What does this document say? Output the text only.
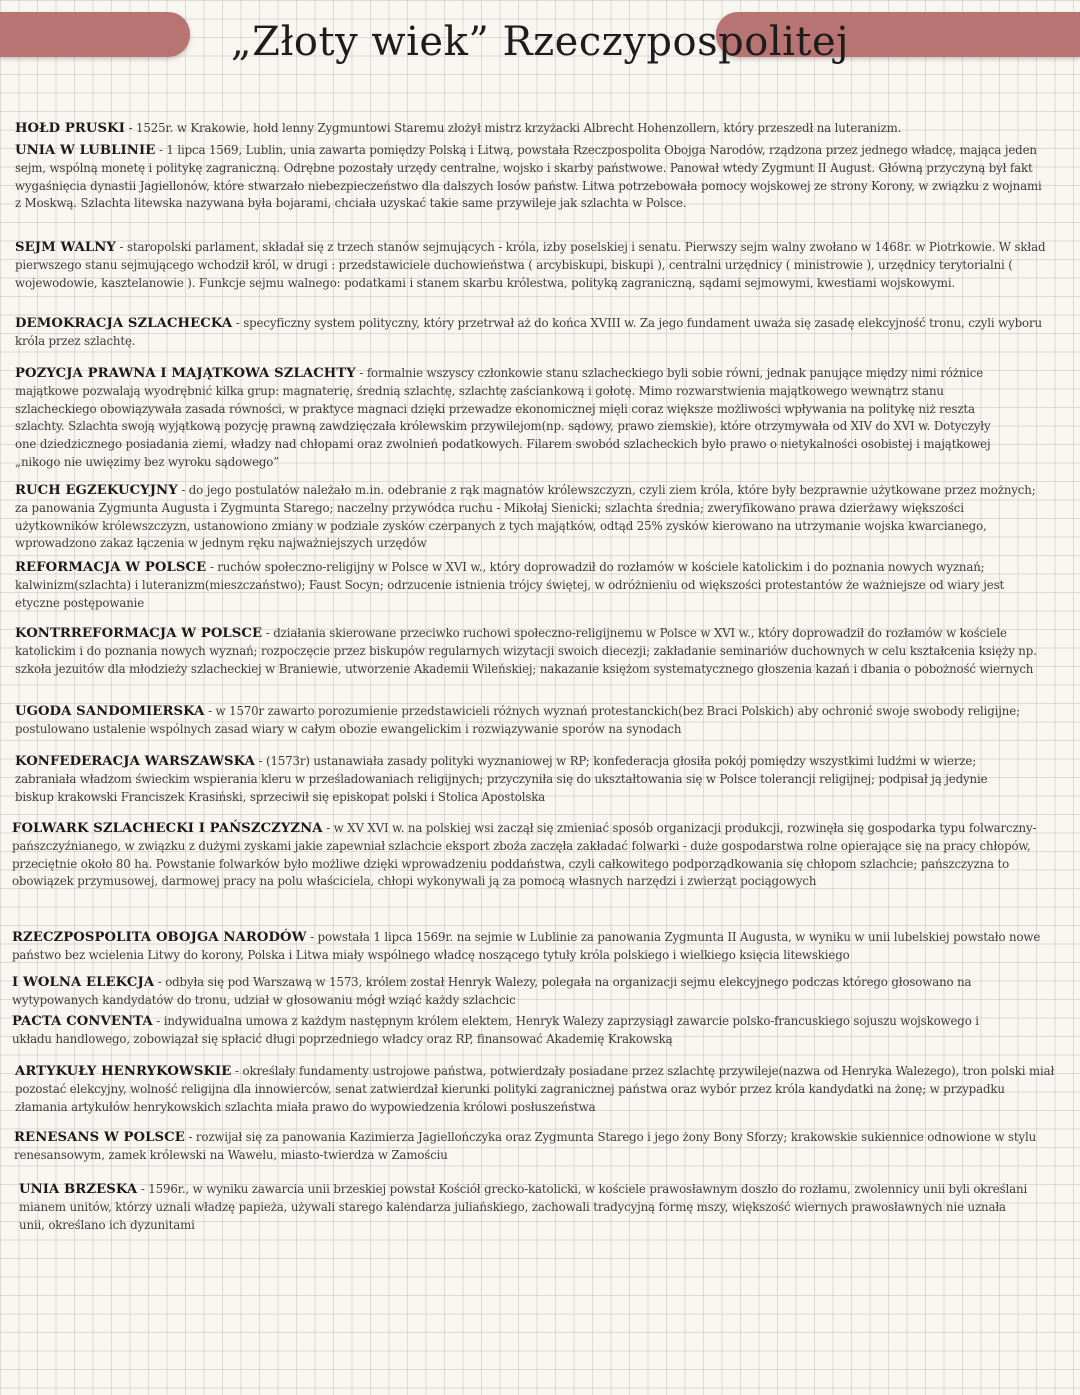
„Złoty wiek” Rzeczypospolitej

HOŁD PRUSKI - 1525r. w Krakowie, hołd lenny Zygmuntowi Staremu złożył mistrz krzyżacki Albrecht Hohenzollern, który przeszedł na luteranizm.

UNIA W LUBLINIE - 1 lipca 1569, Lublin, unia zawarta pomiędzy Polską i Litwą, powstała Rzeczpospolita Obojga Narodów, rządzona przez jednego władcę, mająca jeden sejm, wspólną monetę i politykę zagraniczną. Odrębne pozostały urzędy centralne, wojsko i skarby państwowe. Panował wtedy Zygmunt II August. Główną przyczyną był fakt wygaśnięcia dynastii Jagiellonów, które stwarzało niebezpieczeństwo dla dalszych losów państw. Litwa potrzebowała pomocy wojskowej ze strony Korony, w związku z wojnami z Moskwą. Szlachta litewska nazywana była bojarami, chciała uzyskać takie same przywileje jak szlachta w Polsce.

SEJM WALNY - staropolski parlament, składał się z trzech stanów sejmujących - króla, izby poselskiej i senatu. Pierwszy sejm walny zwołano w 1468r. w Piotrkowie. W skład pierwszego stanu sejmującego wchodził król, w drugi : przedstawiciele duchowieństwa ( arcybiskupi, biskupi ), centralni urzędnicy ( ministrowie ), urzędnicy terytorialni ( wojewodowie, kasztelanowie ). Funkcje sejmu walnego: podatkami i stanem skarbu królestwa, polityką zagraniczną, sądami sejmowymi, kwestiami wojskowymi.

DEMOKRACJA SZLACHECKA - specyficzny system polityczny, który przetrwał aż do końca XVIII w. Za jego fundament uważa się zasadę elekcyjność tronu, czyli wyboru króla przez szlachtę.

POZYCJA PRAWNA I MAJĄTKOWA SZLACHTY - formalnie wszyscy członkowie stanu szlacheckiego byli sobie równi, jednak panujące między nimi różnice majątkowe pozwalają wyodrębnić kilka grup: magnaterię, średnią szlachtę, szlachtę zaściankową i gołotę. Mimo rozwarstwienia majątkowego wewnątrz stanu szlacheckiego obowiązywała zasada równości, w praktyce magnaci dzięki przewadze ekonomicznej mięli coraz większe możliwości wpływania na politykę niż reszta szlachty. Szlachta swoją wyjątkową pozycję prawną zawdzięczała królewskim przywilejom(np. sądowy, prawo ziemskie), które otrzymywała od XIV do XVI w. Dotyczyły one dziedzicznego posiadania ziemi, władzy nad chłopami oraz zwolnień podatkowych. Filarem swobód szlacheckich było prawo o nietykalności osobistej i majątkowej „nikogo nie uwięzimy bez wyroku sądowego”

RUCH EGZEKUCYJNY - do jego postulatów należało m.in. odebranie z rąk magnatów królewszczyzn, czyli ziem króla, które były bezprawnie użytkowane przez możnych; za panowania Zygmunta Augusta i Zygmunta Starego; naczelny przywódca ruchu - Mikołaj Sienicki; szlachta średnia; zweryfikowano prawa dzierżawy większości użytkowników królewszczyzn, ustanowiono zmiany w podziale zysków czerpanych z tych majątków, odtąd 25% zysków kierowano na utrzymanie wojska kwarcianego, wprowadzono zakaz łączenia w jednym ręku najważniejszych urzędów

REFORMACJA W POLSCE - ruchów społeczno-religijny w Polsce w XVI w., który doprowadził do rozłamów w kościele katolickim i do poznania nowych wyznań; kalwinizm(szlachta) i luteranizm(mieszczaństwo); Faust Socyn; odrzucenie istnienia trójcy świętej, w odróżnieniu od większości protestantów że ważniejsze od wiary jest etyczne postępowanie

KONTRREFORMACJA W POLSCE - działania skierowane przeciwko ruchowi społeczno-religijnemu w Polsce w XVI w., który doprowadził do rozłamów w kościele katolickim i do poznania nowych wyznań; rozpoczęcie przez biskupów regularnych wizytacji swoich diecezji; zakładanie seminariów duchownych w celu kształcenia księży np. szkoła jezuitów dla młodzieży szlacheckiej w Braniewie, utworzenie Akademii Wileńskiej; nakazanie księżom systematycznego głoszenia kazań i dbania o pobożność wiernych

UGODA SANDOMIERSKA - w 1570r zawarto porozumienie przedstawicieli różnych wyznań protestanckich(bez Braci Polskich) aby ochronić swoje swobody religijne; postulowano ustalenie wspólnych zasad wiary w całym obozie ewangelickim i rozwiązywanie sporów na synodach

KONFEDERACJA WARSZAWSKA - (1573r) ustanawiała zasady polityki wyznaniowej w RP; konfederacja głosiła pokój pomiędzy wszystkimi ludźmi w wierze; zabraniała władzom świeckim wspierania kleru w prześladowaniach religijnych; przyczyniła się do ukształtowania się w Polsce tolerancji religijnej; podpisał ją jedynie biskup krakowski Franciszek Krasiński, sprzeciwił się episkopat polski i Stolica Apostolska

FOLWARK SZLACHECKI I PAŃSZCZYZNA - w XV XVI w. na polskiej wsi zaczął się zmieniać sposób organizacji produkcji, rozwinęła się gospodarka typu folwarczny-pańszczyźnianego, w związku z dużymi zyskami jakie zapewniał szlachcie eksport zboża zaczęła zakładać folwarki - duże gospodarstwa rolne opierające się na pracy chłopów, przeciętnie około 80 ha. Powstanie folwarków było możliwe dzięki wprowadzeniu poddaństwa, czyli całkowitego podporządkowania się chłopom szlachcie; pańszczyzna to obowiązek przymusowej, darmowej pracy na polu właściciela, chłopi wykonywali ją za pomocą własnych narzędzi i zwierząt pociągowych

RZECZPOSPOLITA OBOJGA NARODÓW - powstała 1 lipca 1569r. na sejmie w Lublinie za panowania Zygmunta II Augusta, w wyniku w unii lubelskiej powstało nowe państwo bez wcielenia Litwy do korony, Polska i Litwa miały wspólnego władcę noszącego tytuły króla polskiego i wielkiego księcia litewskiego

I WOLNA ELEKCJA - odbyła się pod Warszawą w 1573, królem został Henryk Walezy, polegała na organizacji sejmu elekcyjnego podczas którego głosowano na wytypowanych kandydatów do tronu, udział w głosowaniu mógł wziąć każdy szlachcic

PACTA CONVENTA - indywidualna umowa z każdym następnym królem elektem, Henryk Walezy zaprzysiągł zawarcie polsko-francuskiego sojuszu wojskowego i układu handlowego, zobowiązał się spłacić długi poprzedniego władcy oraz RP, finansować Akademię Krakowską

ARTYKUŁY HENRYKOWSKIE - określały fundamenty ustrojowe państwa, potwierdzały posiadane przez szlachtę przywileje(nazwa od Henryka Walezego), tron polski miał pozostać elekcyjny, wolność religijna dla innowierców, senat zatwierdzał kierunki polityki zagranicznej państwa oraz wybór przez króla kandydatki na żonę; w przypadku złamania artykułów henrykowskich szlachta miała prawo do wypowiedzenia królowi posłuszeństwa

RENESANS W POLSCE - rozwijał się za panowania Kazimierza Jagiellończyka oraz Zygmunta Starego i jego żony Bony Sforzy; krakowskie sukiennice odnowione w stylu renesansowym, zamek królewski na Wawelu, miasto-twierdza w Zamościu

UNIA BRZESKA - 1596r., w wyniku zawarcia unii brzeskiej powstał Kościół grecko-katolicki, w kościele prawosławnym doszło do rozłamu, zwolennicy unii byli określani mianem unitów, którzy uznali władzę papieża, używali starego kalendarza juliańskiego, zachowali tradycyjną formę mszy, większość wiernych prawosławnych nie uznała unii, określano ich dyzunitami
